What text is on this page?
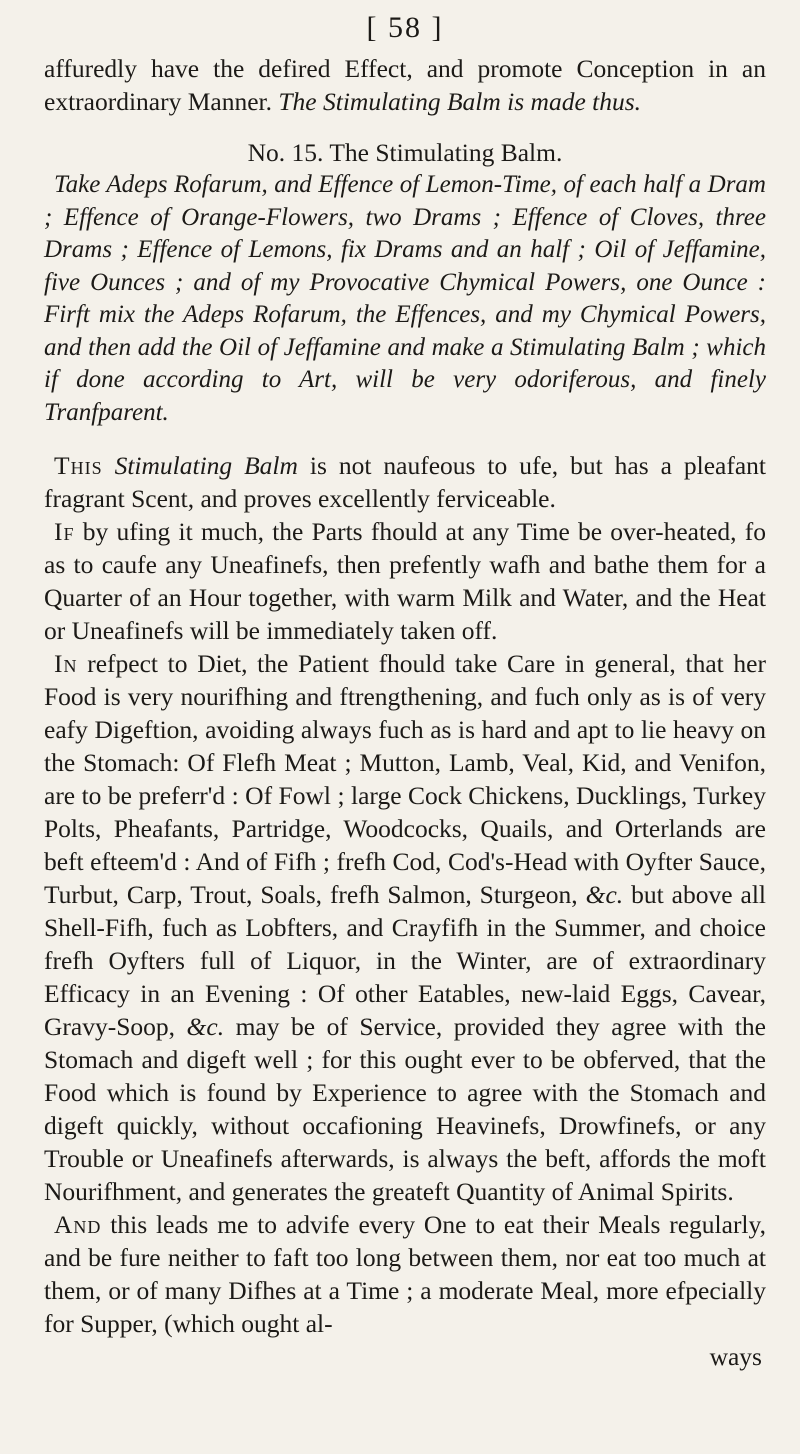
[ 58 ]

affuredly have the defired Effect, and promote Conception in an extraordinary Manner. The Stimulating Balm is made thus.

No. 15. The Stimulating Balm.

Take Adeps Rofarum, and Effence of Lemon-Time, of each half a Dram ; Effence of Orange-Flowers, two Drams ; Effence of Cloves, three Drams ; Effence of Lemons, fix Drams and an half ; Oil of Jeffamine, five Ounces ; and of my Provocative Chymical Powers, one Ounce : Firft mix the Adeps Rofarum, the Effences, and my Chymical Powers, and then add the Oil of Jeffamine and make a Stimulating Balm ; which if done according to Art, will be very odoriferous, and finely Tranfparent.

This Stimulating Balm is not naufeous to ufe, but has a pleafant fragrant Scent, and proves excellently ferviceable.

If by ufing it much, the Parts fhould at any Time be over-heated, fo as to caufe any Uneafinefs, then prefently wafh and bathe them for a Quarter of an Hour together, with warm Milk and Water, and the Heat or Uneafinefs will be immediately taken off.

In refpect to Diet, the Patient fhould take Care in general, that her Food is very nourifhing and ftrengthening, and fuch only as is of very eafy Digeftion, avoiding always fuch as is hard and apt to lie heavy on the Stomach: Of Flefh Meat ; Mutton, Lamb, Veal, Kid, and Venifon, are to be preferr'd : Of Fowl ; large Cock Chickens, Ducklings, Turkey Polts, Pheafants, Partridge, Woodcocks, Quails, and Orterlands are beft efteem'd : And of Fifh ; frefh Cod, Cod's-Head with Oyfter Sauce, Turbut, Carp, Trout, Soals, frefh Salmon, Sturgeon, &c. but above all Shell-Fifh, fuch as Lobfters, and Crayfifh in the Summer, and choice frefh Oyfters full of Liquor, in the Winter, are of extraordinary Efficacy in an Evening : Of other Eatables, new-laid Eggs, Cavear, Gravy-Soop, &c. may be of Service, provided they agree with the Stomach and digeft well ; for this ought ever to be obferved, that the Food which is found by Experience to agree with the Stomach and digeft quickly, without occafioning Heavinefs, Drowfinefs, or any Trouble or Uneafinefs afterwards, is always the beft, affords the moft Nourifhment, and generates the greateft Quantity of Animal Spirits.

And this leads me to advife every One to eat their Meals regularly, and be fure neither to faft too long between them, nor eat too much at them, or of many Difhes at a Time ; a moderate Meal, more efpecially for Supper, (which ought al-

ways
